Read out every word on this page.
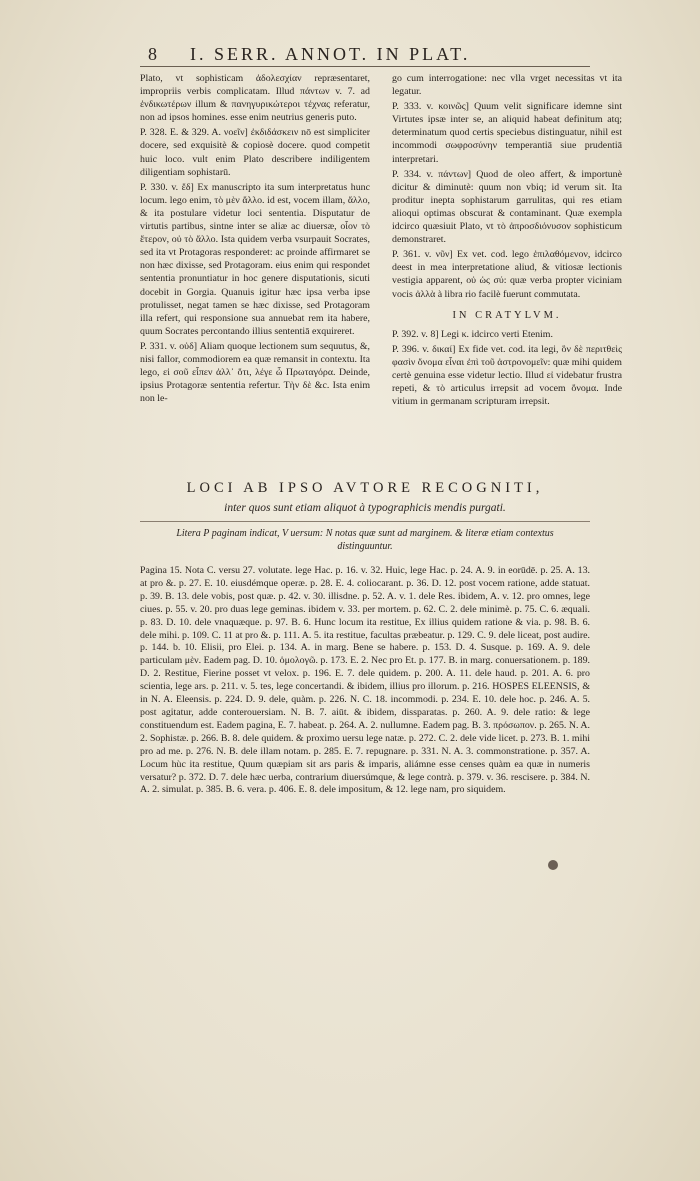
8 I. SERR. ANNOT. IN PLAT.

Plato, vt sophisticam ἀδολεσχίαν repræsentaret, impropriis verbis complicatam. Illud πάντων v. 7. ad ἐνδικωτέρων illum & πανηγυρικώτεροι τέχνας referatur, non ad ipsos homines. esse enim neutrius generis puto.

P. 328. E. & 329. A. νοεῖν] ἐκδιδάσκειν nō est simpliciter docere, sed exquisitè & copiosè docere. quod competit huic loco. vult enim Plato describere indiligentem diligentiam sophistarū.

P. 330. v. ἔδ] Ex manuscripto ita sum interpretatus hunc locum. lego enim, τὸ μὲν ἄλλο. id est, vocem illam, ἄλλο, & ita postulare videtur loci sententia. Disputatur de virtutis partibus, sintne inter se aliæ ac diuersæ, οἷον τὸ ἕτερον, οὐ τὸ ἄλλο. Ista quidem verba vsurpauit Socrates, sed ita vt Protagoras responderet: ac proinde affirmaret se non hæc dixisse, sed Protagoram. eius enim qui respondet sententia pronuntiatur in hoc genere disputationis, sicuti docebit in Gorgia. Quanuis igitur hæc ipsa verba ipse protulisset, negat tamen se hæc dixisse, sed Protagoram illa refert, qui responsione sua annuebat rem ita habere, quum Socrates percontando illius sententiā exquireret.

P. 331. v. οὐδ] Aliam quoque lectionem sum sequutus, &, nisi fallor, commodiorem ea quæ remansit in contextu. Ita lego, εἰ σοῦ εἶπεν ἀλλ᾽ ὅτι, λέγε ὦ Πρωταγόρα. Deinde, ipsius Protagoræ sententia refertur. Τὴν δὲ &c. Ista enim non le-

go cum interrogatione: nec vlla vrget necessitas vt ita legatur.

P. 333. v. κοινῶς] Quum velit significare idemne sint Virtutes ipsæ inter se, an aliquid habeat definitum atq; determinatum quod certis speciebus distinguatur, nihil est incommodi σωφροσύνην temperantiā siue prudentiā interpretari.

P. 334. v. πάντων] Quod de oleo affert, & importunè dicitur & diminutè: quum non vbiq; id verum sit. Ita proditur inepta sophistarum garrulitas, qui res etiam alioqui optimas obscurat & contaminant. Quæ exempla idcirco quæsiuit Plato, vt τὸ ἀπροσδιόνυσον sophisticum demonstraret.

P. 361. v. νῦν] Ex vet. cod. lego ἐπιλαθόμενον, idcirco deest in mea interpretatione aliud, & vitiosæ lectionis vestigia apparent, οὐ ὡς σύ: quæ verba propter viciniam vocis ἀλλὰ à libra rio facilè fuerunt commutata.

IN CRATYLVM.

P. 392. v. 8] Legi κ. idcirco verti Etenim.

P. 396. v. δικαί] Ex fide vet. cod. ita legi, ὃν δὲ περιτθεὶς φασὶν ὄνομα εἶναι ἐπὶ τοῦ ἀστρονομεῖν: quæ mihi quidem certè genuina esse videtur lectio. Illud εἰ videbatur frustra repeti, & τὸ articulus irrepsit ad vocem ὄνομα. Inde vitium in germanam scripturam irrepsit.

LOCI AB IPSO AVTORE RECOGNITI,
inter quos sunt etiam aliquot à typographicis mendis purgati.
Litera P paginam indicat, V uersum: N notas quæ sunt ad marginem. & literæ etiam contextus distinguuntur.
Pagina 15. Nota C. versu 27. volutate. lege Hac. p. 16. v. 32. Huic, lege Hac. p. 24. A. 9. in eorūdē. p. 25. A. 13. at pro &. p. 27. E. 10. eiusdémque operæ. p. 28. E. 4. coliocarant. p. 36. D. 12. post vocem ratione, adde statuat. p. 39. B. 13. dele vobis, post quæ. p. 42. v. 30. illisdne. p. 52. A. v. 1. dele Res. ibidem, A. v. 12. pro omnes, lege ciues. p. 55. v. 20. pro duas lege geminas. ibidem v. 33. per mortem. p. 62. C. 2. dele minimè. p. 75. C. 6. æquali. p. 83. D. 10. dele vnaquæque. p. 97. B. 6. Hunc locum ita restitue, Ex illius quidem ratione & via. p. 98. B. 6. dele mihi. p. 109. C. 11 at pro &. p. 111. A. 5. ita restitue, facultas præbeatur. p. 129. C. 9. dele liceat, post audire. p. 144. b. 10. Elisii, pro Elei. p. 134. A. in marg. Bene se habere. p. 153. D. 4. Susque. p. 169. A. 9. dele particulam μὲν. Eadem pag. D. 10. ὁμολογῶ. p. 173. E. 2. Nec pro Et. p. 177. B. in marg. conuersationem. p. 189. D. 2. Restitue, Fierine posset vt velox. p. 196. E. 7. dele quidem. p. 200. A. 11. dele haud. p. 201. A. 6. pro scientia, lege ars. p. 211. v. 5. tes, lege concertandi. & ibidem, illius pro illorum. p. 216. HOSPES ELEENSIS, & in N. A. Eleensis. p. 224. D. 9. dele, quàm. p. 226. N. C. 18. incommodi. p. 234. E. 10. dele hoc. p. 246. A. 5. post agitatur, adde conterouersiam. N. B. 7. aiūt. & ibidem, dissparatas. p. 260. A. 9. dele ratio: & lege constituendum est. Eadem pagina, E. 7. habeat. p. 264. A. 2. nullumne. Eadem pag. B. 3. πρόσωπον. p. 265. N. A. 2. Sophistæ. p. 266. B. 8. dele quidem. & proximo uersu lege natæ. p. 272. C. 2. dele vide licet. p. 273. B. 1. mihi pro ad me. p. 276. N. B. dele illam notam. p. 285. E. 7. repugnare. p. 331. N. A. 3. commonstratione. p. 357. A. Locum hùc ita restitue, Quum quæpiam sit ars paris & imparis, aliámne esse censes quàm ea quæ in numeris versatur? p. 372. D. 7. dele hæc uerba, contrarium diuersúmque, & lege contrà. p. 379. v. 36. rescisere. p. 384. N. A. 2. simulat. p. 385. B. 6. vera. p. 406. E. 8. dele impositum, & 12. lege nam, pro siquidem.
